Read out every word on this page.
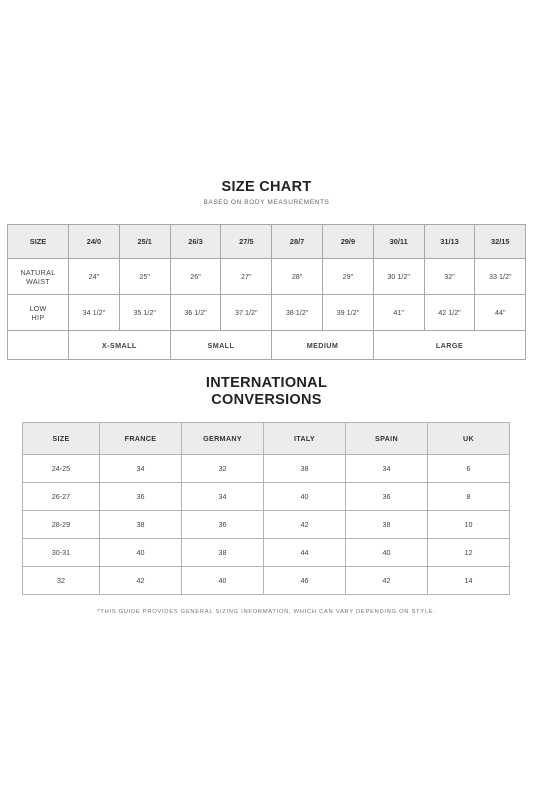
SIZE CHART
BASED ON BODY MEASUREMENTS
SIZE	24/0	25/1	26/3	27/5	28/7	29/9	30/11	31/13	32/15
NATURAL
WAIST	24"	25"	26"	27"	28"	29"	30 1/2"	32"	33 1/2"
LOW
HIP	34 1/2"	35 1/2"	36 1/2"	37 1/2"	38 1/2"	39 1/2"	41"	42 1/2"	44"
	X-SMALL		SMALL		MEDIUM		LARGE		
INTERNATIONAL
CONVERSIONS
SIZE	FRANCE	GERMANY	ITALY	SPAIN	UK
24-25	34	32	38	34	6
26-27	36	34	40	36	8
28-29	38	36	42	38	10
30-31	40	38	44	40	12
32	42	40	46	42	14
*THIS GUIDE PROVIDES GENERAL SIZING INFORMATION, WHICH CAN VARY DEPENDING ON STYLE.
